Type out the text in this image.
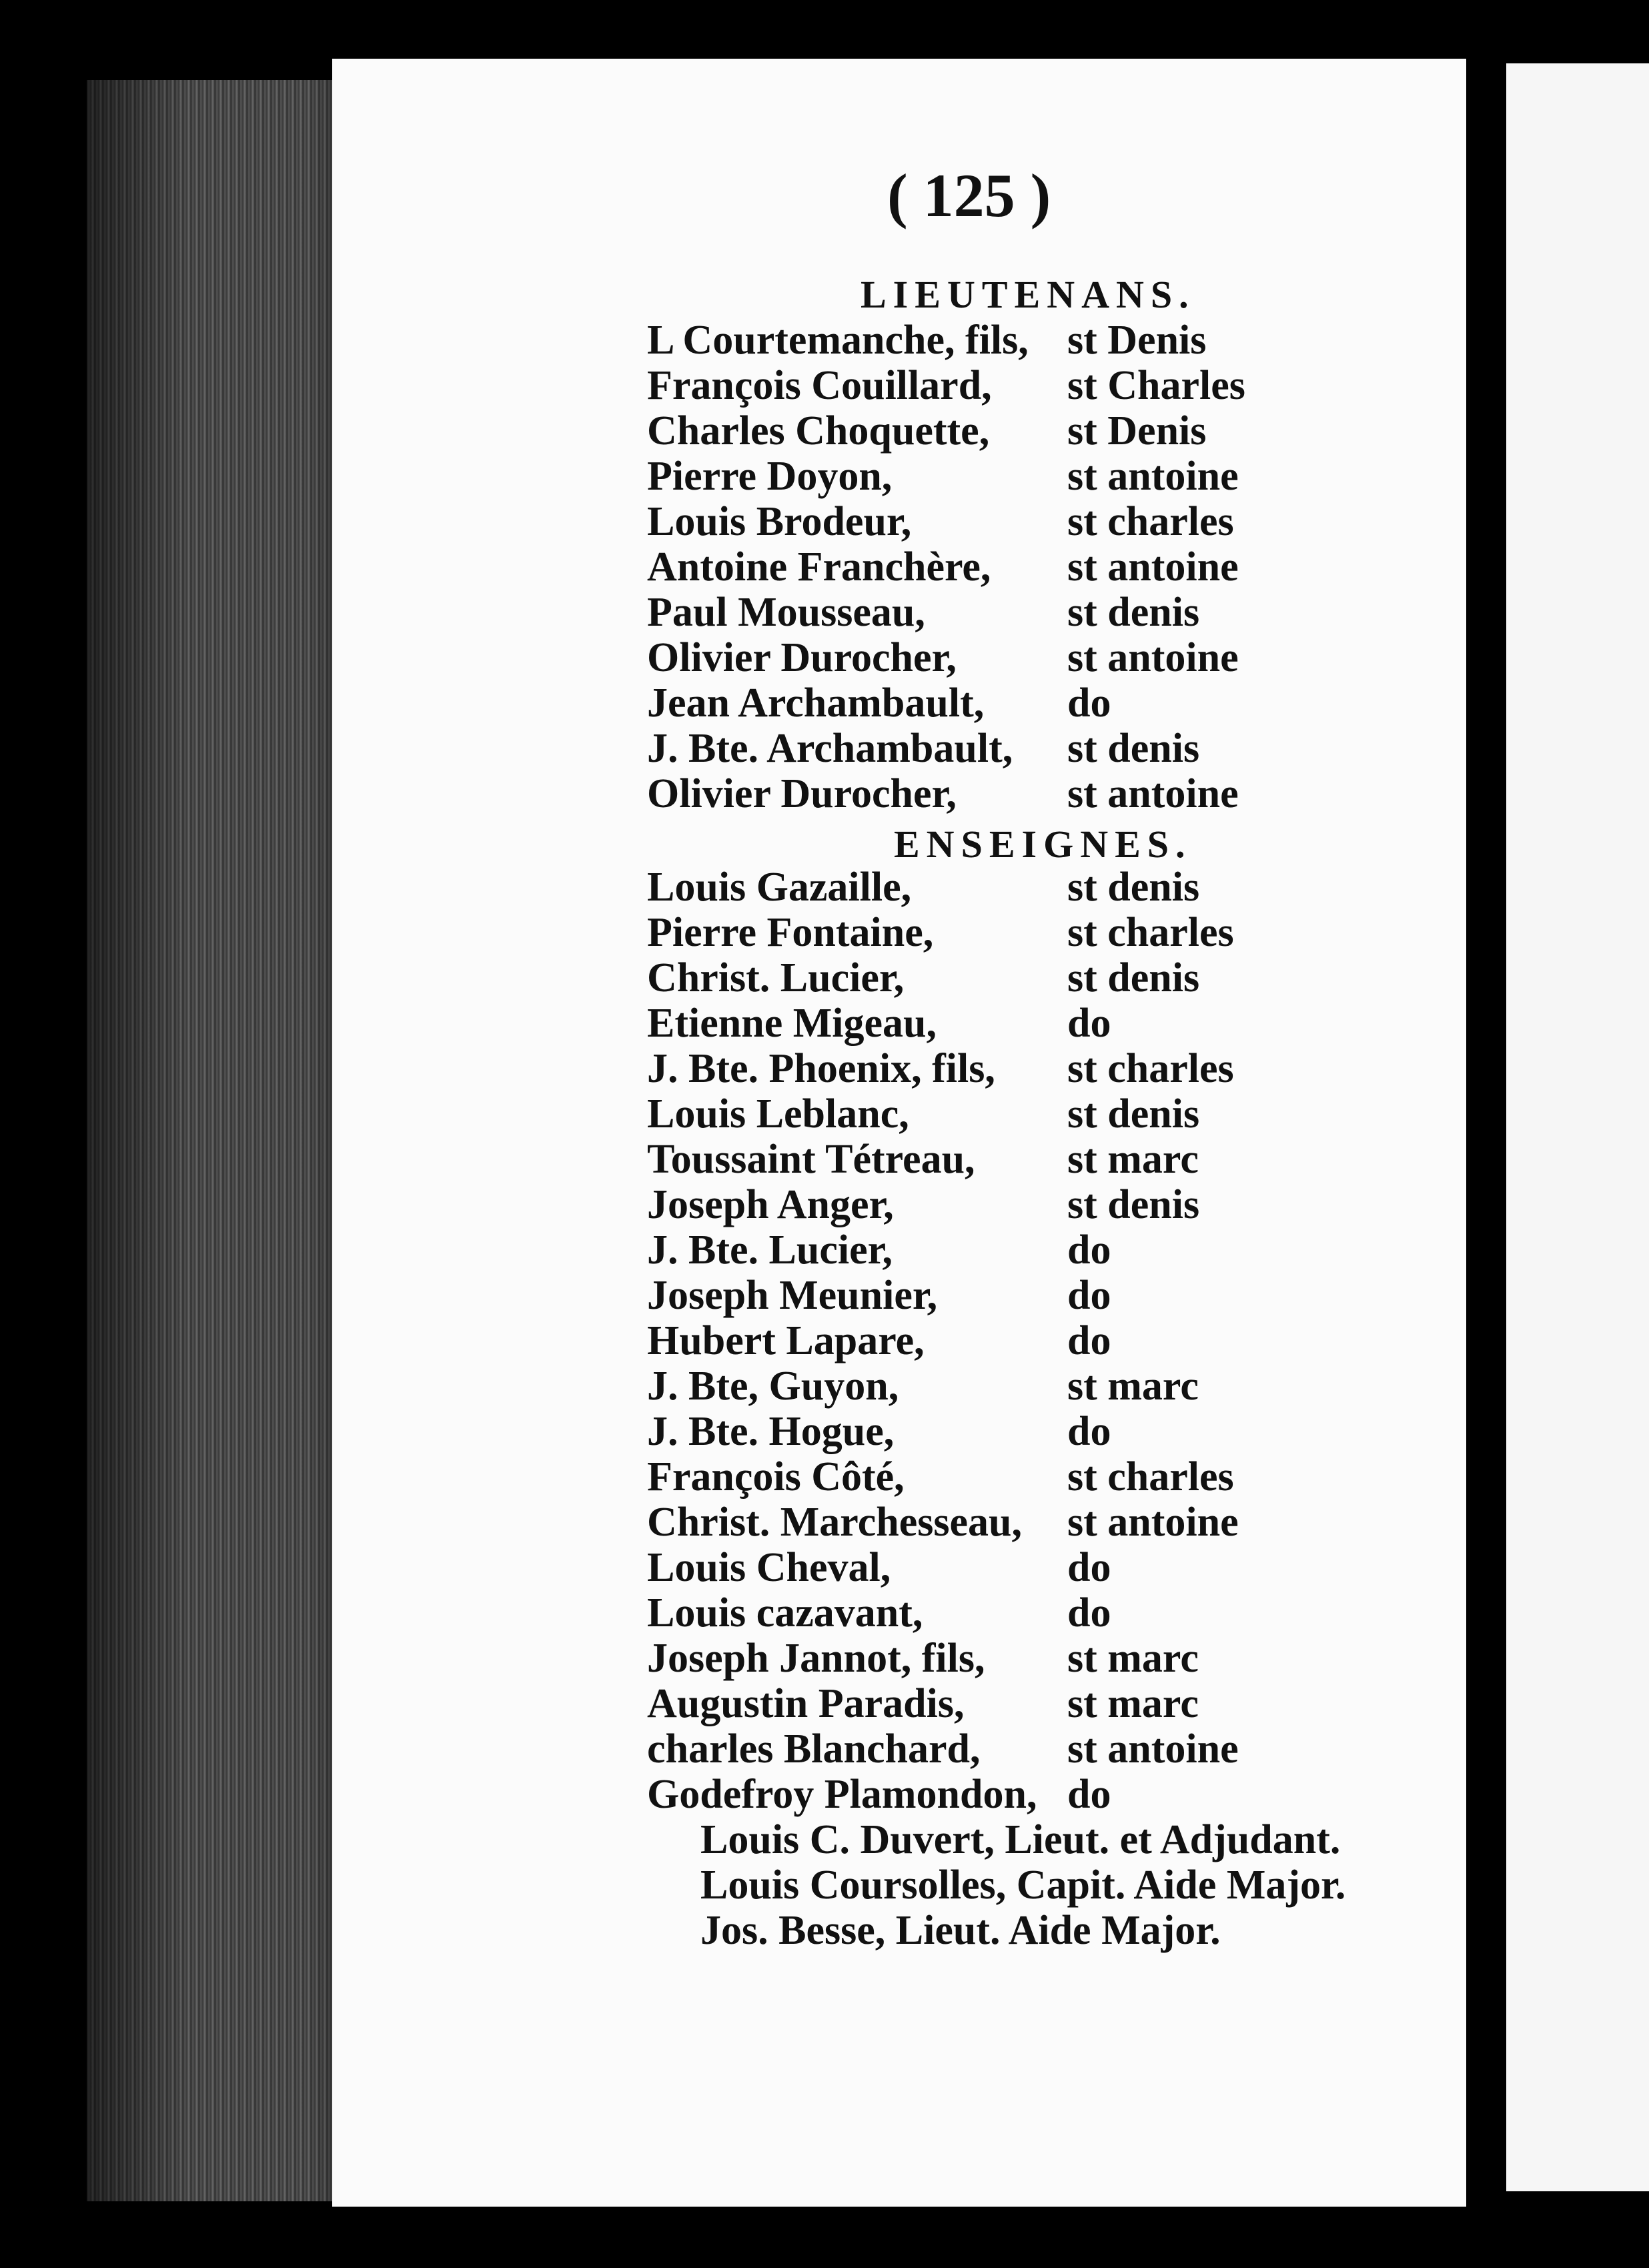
( 125 )
LIEUTENANS.
L Courtemanche, fils, st Denis
François Couillard, st Charles
Charles Choquette, st Denis
Pierre Doyon,	st antoine
Louis Brodeur,	st charles
Antoine Franchère, st antoine
Paul Mousseau,	st denis
Olivier Durocher,	st antoine
Jean Archambault, do
J. Bte. Archambault, st denis
Olivier Durocher,	st antoine
ENSEIGNES.
Louis Gazaille,	st denis
Pierre Fontaine,	st charles
Christ. Lucier,	st denis
Etienne Migeau,	do
J. Bte. Phoenix, fils, st charles
Louis Leblanc,	st denis
Toussaint Tétreau, st marc
Joseph Anger,	st denis
J. Bte. Lucier,	do
Joseph Meunier,	do
Hubert Lapare,	do
J. Bte, Guyon,	st marc
J. Bte. Hogue,	do
François Côté,	st charles
Christ. Marchesseau, st antoine
Louis Cheval,	do
Louis cazavant,	do
Joseph Jannot, fils, st marc
Augustin Paradis, st marc
charles Blanchard, st antoine
Godefroy Plamondon, do
Louis C. Duvert, Lieut. et Adjudant.
Louis Coursolles, Capit. Aide Major.
Jos. Besse, Lieut. Aide Major.
